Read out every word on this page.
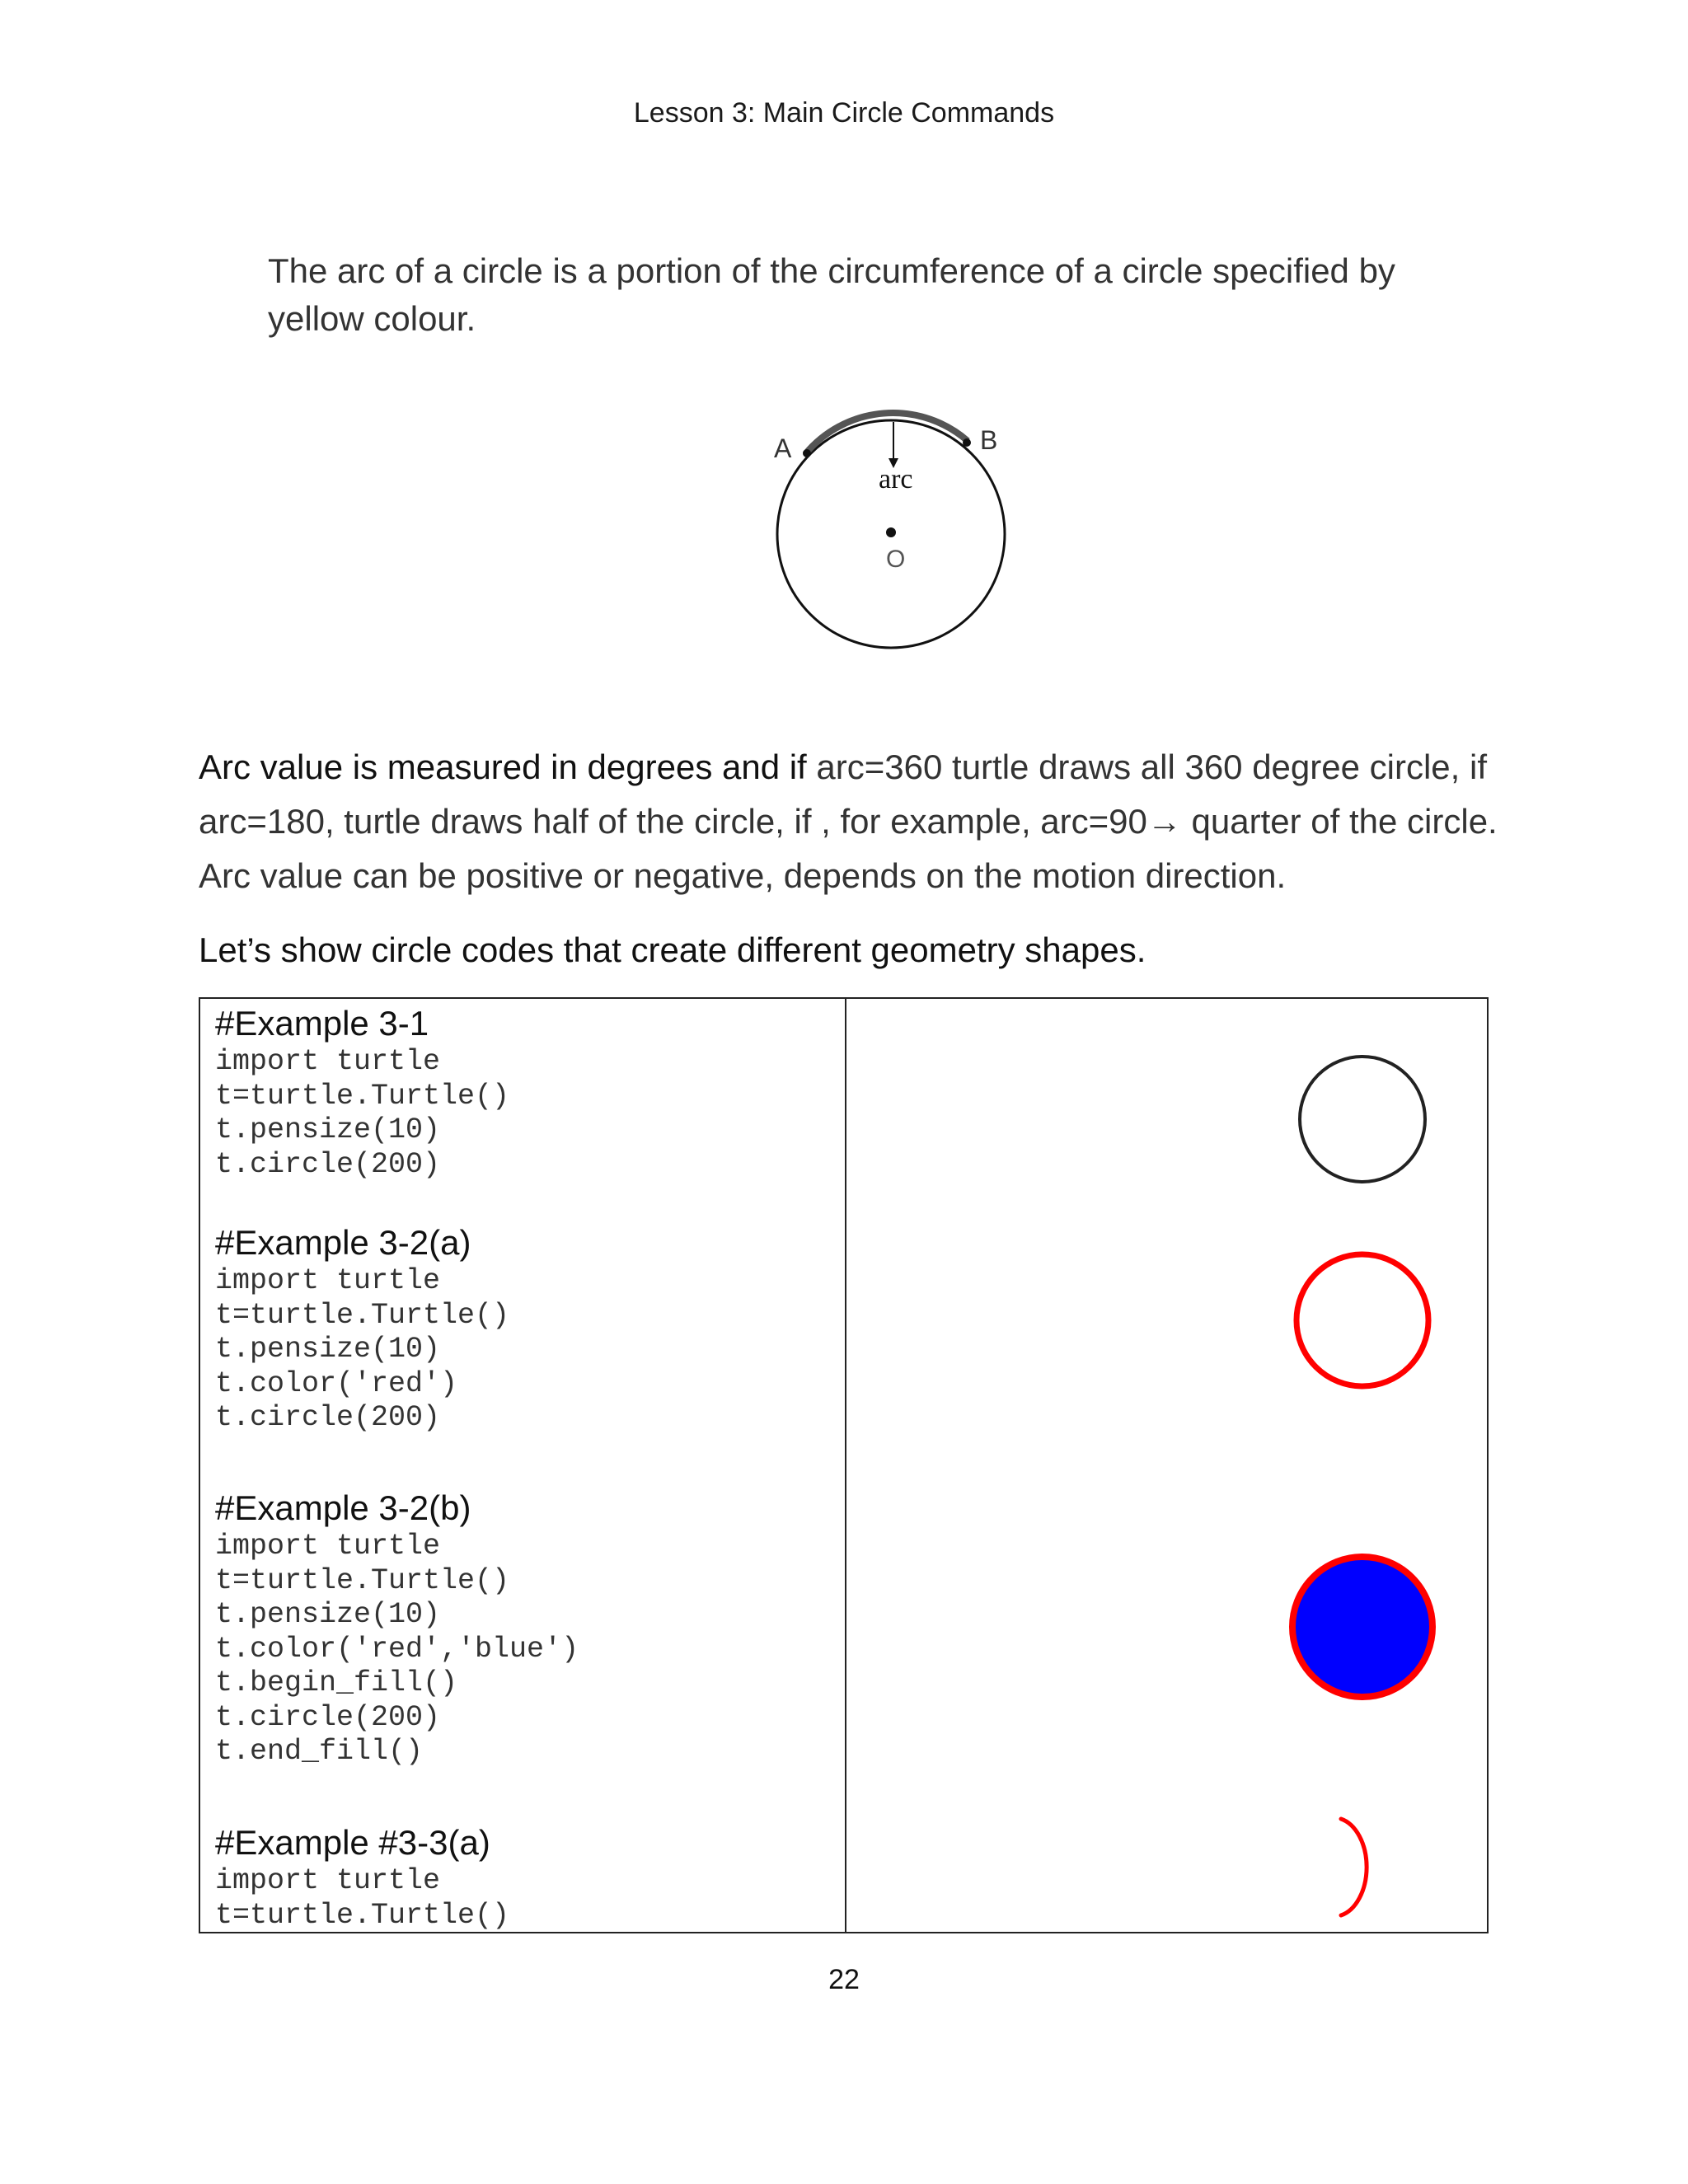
Lesson 3: Main Circle Commands
The arc of a circle is a portion of the circumference of a circle specified by yellow colour.
A	B
arc
O
Arc value is measured in degrees and if arc=360 turtle draws all 360 degree circle, if arc=180, turtle draws half of the circle, if , for example, arc=90→ quarter of the circle. Arc value can be positive or negative, depends on the motion direction.
Let’s show circle codes that create different geometry shapes.
#Example 3-1
import turtle
t=turtle.Turtle()
t.pensize(10)
t.circle(200)
#Example 3-2(a)
import turtle
t=turtle.Turtle()
t.pensize(10)
t.color('red')
t.circle(200)
#Example 3-2(b)
import turtle
t=turtle.Turtle()
t.pensize(10)
t.color('red','blue')
t.begin_fill()
t.circle(200)
t.end_fill()
#Example #3-3(a)
import turtle
t=turtle.Turtle()
22
